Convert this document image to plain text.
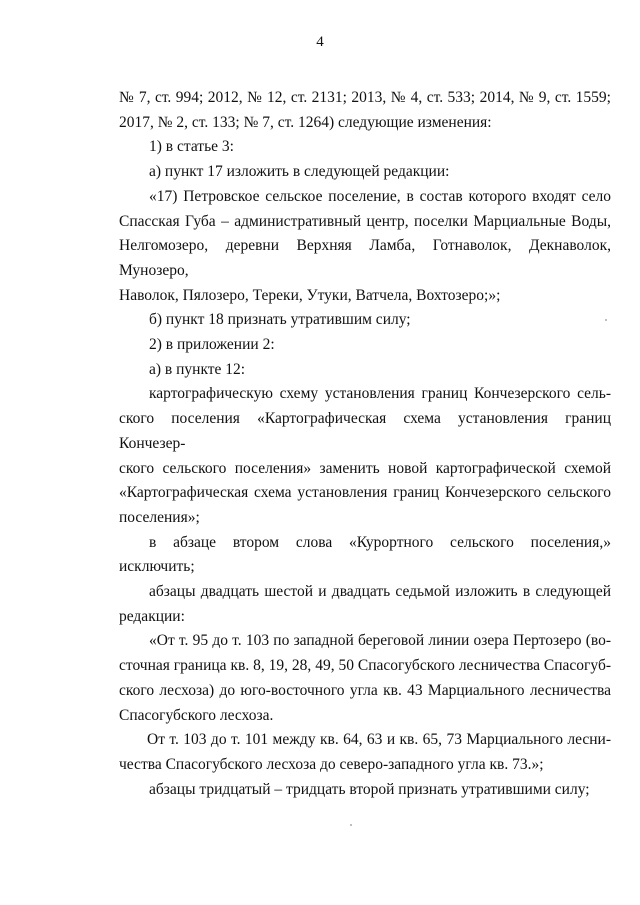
4

№ 7, ст. 994; 2012, № 12, ст. 2131; 2013, № 4, ст. 533; 2014, № 9, ст. 1559;

2017, № 2, ст. 133; № 7, ст. 1264) следующие изменения:

1) в статье 3:

а) пункт 17 изложить в следующей редакции:

«17) Петровское сельское поселение, в состав которого входят село

Спасская Губа – административный центр, поселки Марциальные Воды,

Нелгомозеро, деревни Верхняя Ламба, Готнаволок, Декнаволок, Мунозеро,

Наволок, Пялозеро, Тереки, Утуки, Ватчела, Вохтозеро;»;

б) пункт 18 признать утратившим силу;

2) в приложении 2:

а) в пункте 12:

картографическую схему установления границ Кончезерского сель-

ского поселения «Картографическая схема установления границ Кончезер-

ского сельского поселения» заменить новой картографической схемой

«Картографическая схема установления границ Кончезерского сельского

поселения»;

в абзаце втором слова «Курортного сельского поселения,» исключить;

абзацы двадцать шестой и двадцать седьмой изложить в следующей

редакции:

«От т. 95 до т. 103 по западной береговой линии озера Пертозеро (во-

сточная граница кв. 8, 19, 28, 49, 50 Спасогубского лесничества Спасогуб-

ского лесхоза) до юго-восточного угла кв. 43 Марциального лесничества

Спасогубского лесхоза.

От т. 103 до т. 101 между кв. 64, 63 и кв. 65, 73 Марциального лесни-

чества Спасогубского лесхоза до северо-западного угла кв. 73.»;

абзацы тридцатый – тридцать второй признать утратившими силу;
